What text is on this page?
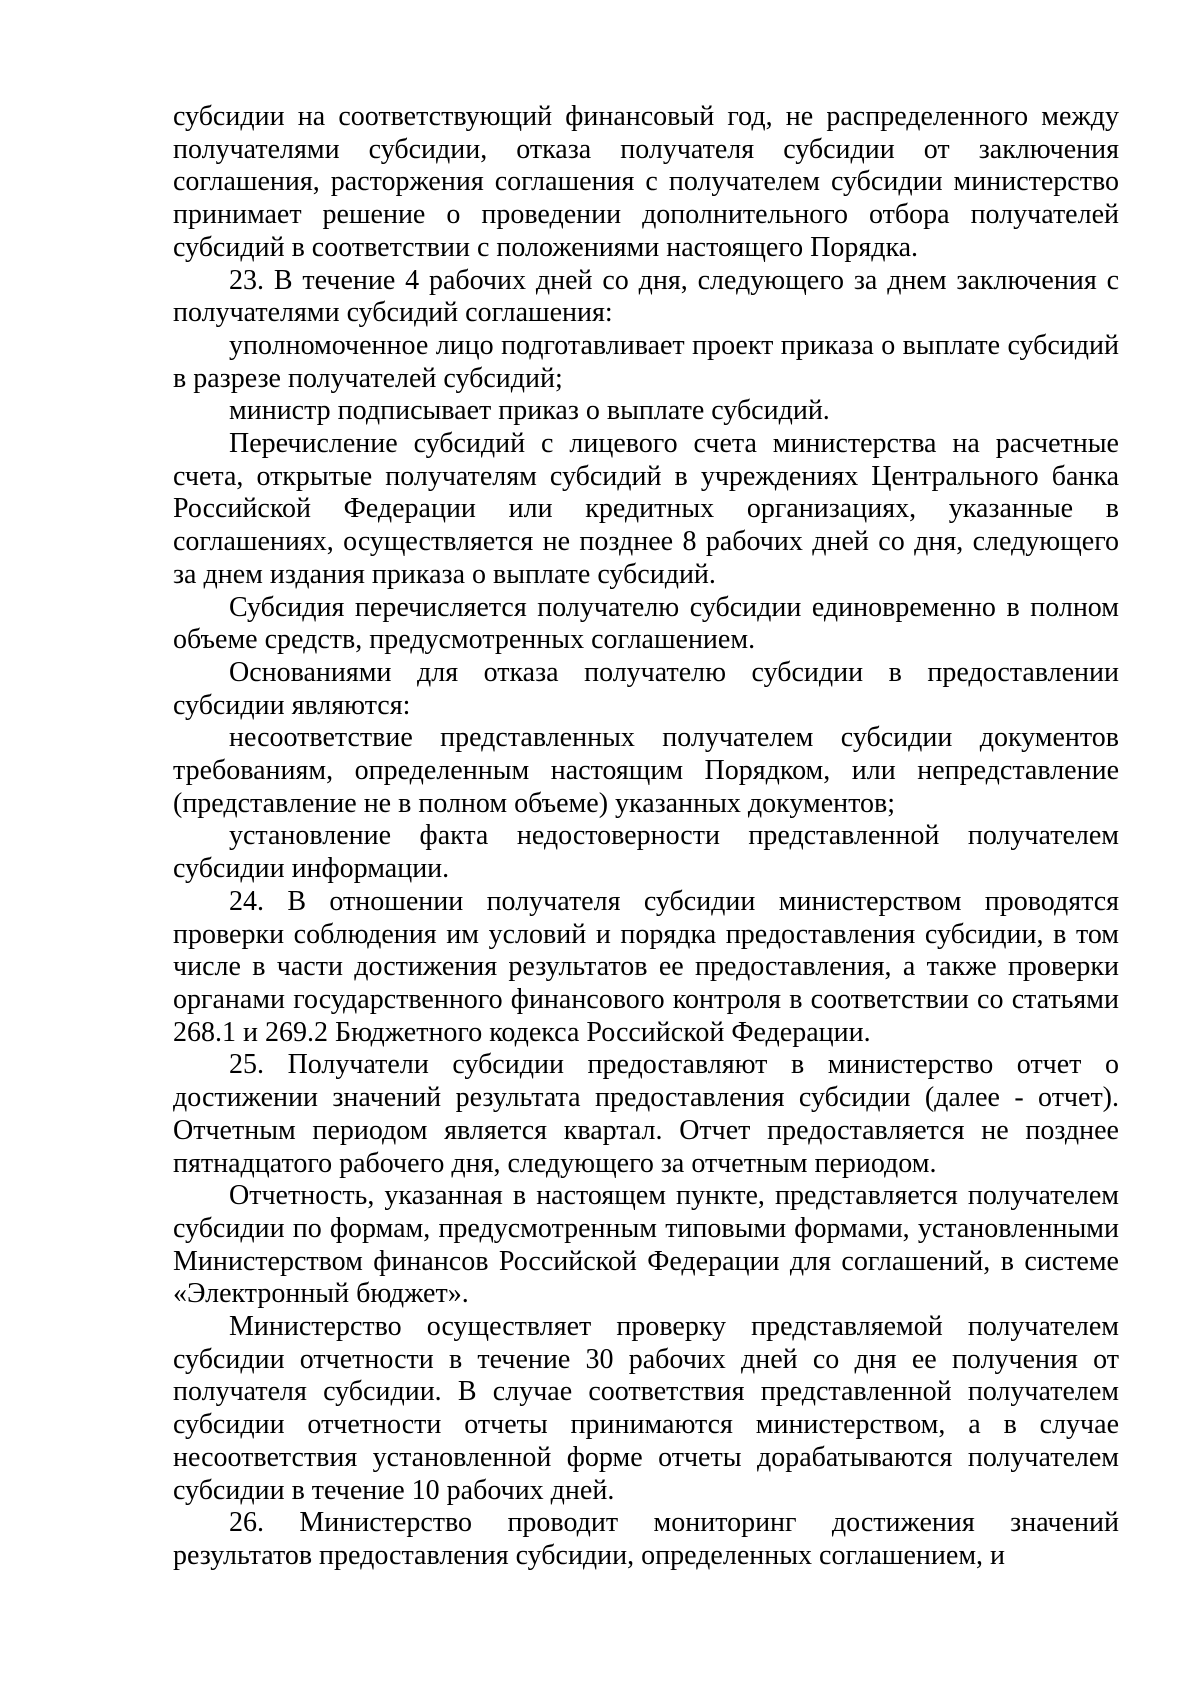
субсидии на соответствующий финансовый год, не распределенного между получателями субсидии, отказа получателя субсидии от заключения соглашения, расторжения соглашения с получателем субсидии министерство принимает решение о проведении дополнительного отбора получателей субсидий в соответствии с положениями настоящего Порядка.

23. В течение 4 рабочих дней со дня, следующего за днем заключения с получателями субсидий соглашения:

уполномоченное лицо подготавливает проект приказа о выплате субсидий в разрезе получателей субсидий;

министр подписывает приказ о выплате субсидий.

Перечисление субсидий с лицевого счета министерства на расчетные счета, открытые получателям субсидий в учреждениях Центрального банка Российской Федерации или кредитных организациях, указанные в соглашениях, осуществляется не позднее 8 рабочих дней со дня, следующего за днем издания приказа о выплате субсидий.

Субсидия перечисляется получателю субсидии единовременно в полном объеме средств, предусмотренных соглашением.

Основаниями для отказа получателю субсидии в предоставлении субсидии являются:

несоответствие представленных получателем субсидии документов требованиям, определенным настоящим Порядком, или непредставление (представление не в полном объеме) указанных документов;

установление факта недостоверности представленной получателем субсидии информации.

24. В отношении получателя субсидии министерством проводятся проверки соблюдения им условий и порядка предоставления субсидии, в том числе в части достижения результатов ее предоставления, а также проверки органами государственного финансового контроля в соответствии со статьями 268.1 и 269.2 Бюджетного кодекса Российской Федерации.

25. Получатели субсидии предоставляют в министерство отчет о достижении значений результата предоставления субсидии (далее - отчет). Отчетным периодом является квартал. Отчет предоставляется не позднее пятнадцатого рабочего дня, следующего за отчетным периодом.

Отчетность, указанная в настоящем пункте, представляется получателем субсидии по формам, предусмотренным типовыми формами, установленными Министерством финансов Российской Федерации для соглашений, в системе «Электронный бюджет».

Министерство осуществляет проверку представляемой получателем субсидии отчетности в течение 30 рабочих дней со дня ее получения от получателя субсидии. В случае соответствия представленной получателем субсидии отчетности отчеты принимаются министерством, а в случае несоответствия установленной форме отчеты дорабатываются получателем субсидии в течение 10 рабочих дней.

26. Министерство проводит мониторинг достижения значений результатов предоставления субсидии, определенных соглашением, и
